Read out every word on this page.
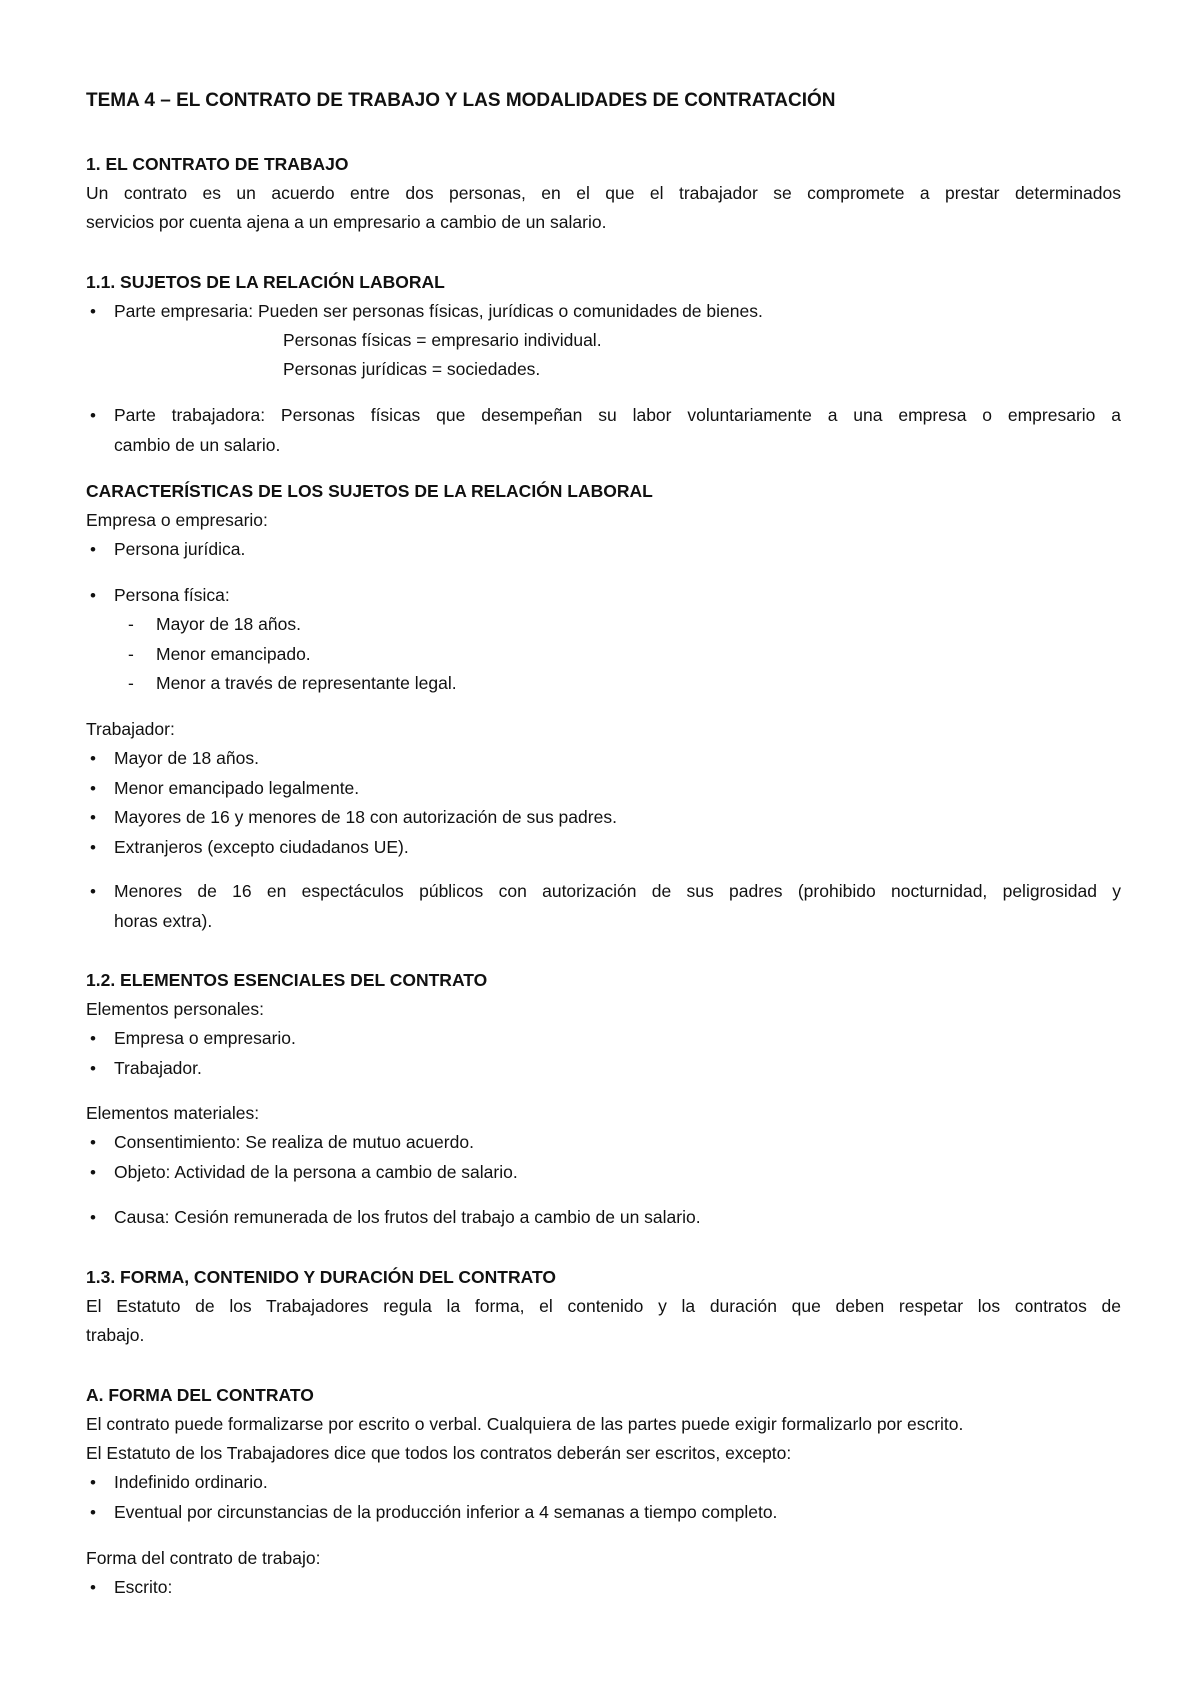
TEMA 4 – EL CONTRATO DE TRABAJO Y LAS MODALIDADES DE CONTRATACIÓN

1. EL CONTRATO DE TRABAJO

Un contrato es un acuerdo entre dos personas, en el que el trabajador se compromete a prestar determinados
servicios por cuenta ajena a un empresario a cambio de un salario.

1.1. SUJETOS DE LA RELACIÓN LABORAL

• Parte empresaria: Pueden ser personas físicas, jurídicas o comunidades de bienes.

Personas físicas = empresario individual.

Personas jurídicas = sociedades.

• Parte trabajadora: Personas físicas que desempeñan su labor voluntariamente a una empresa o empresario a
cambio de un salario.

CARACTERÍSTICAS DE LOS SUJETOS DE LA RELACIÓN LABORAL

Empresa o empresario:

• Persona jurídica.
• Persona física:
- Mayor de 18 años.
- Menor emancipado.
- Menor a través de representante legal.

Trabajador:

• Mayor de 18 años.
• Menor emancipado legalmente.
• Mayores de 16 y menores de 18 con autorización de sus padres.
• Extranjeros (excepto ciudadanos UE).
• Menores de 16 en espectáculos públicos con autorización de sus padres (prohibido nocturnidad, peligrosidad y
horas extra).

1.2. ELEMENTOS ESENCIALES DEL CONTRATO

Elementos personales:

• Empresa o empresario.
• Trabajador.

Elementos materiales:

• Consentimiento: Se realiza de mutuo acuerdo.
• Objeto: Actividad de la persona a cambio de salario.
• Causa: Cesión remunerada de los frutos del trabajo a cambio de un salario.

1.3. FORMA, CONTENIDO Y DURACIÓN DEL CONTRATO

El Estatuto de los Trabajadores regula la forma, el contenido y la duración que deben respetar los contratos de
trabajo.

A. FORMA DEL CONTRATO

El contrato puede formalizarse por escrito o verbal. Cualquiera de las partes puede exigir formalizarlo por escrito.

El Estatuto de los Trabajadores dice que todos los contratos deberán ser escritos, excepto:

• Indefinido ordinario.
• Eventual por circunstancias de la producción inferior a 4 semanas a tiempo completo.

Forma del contrato de trabajo:

• Escrito:
